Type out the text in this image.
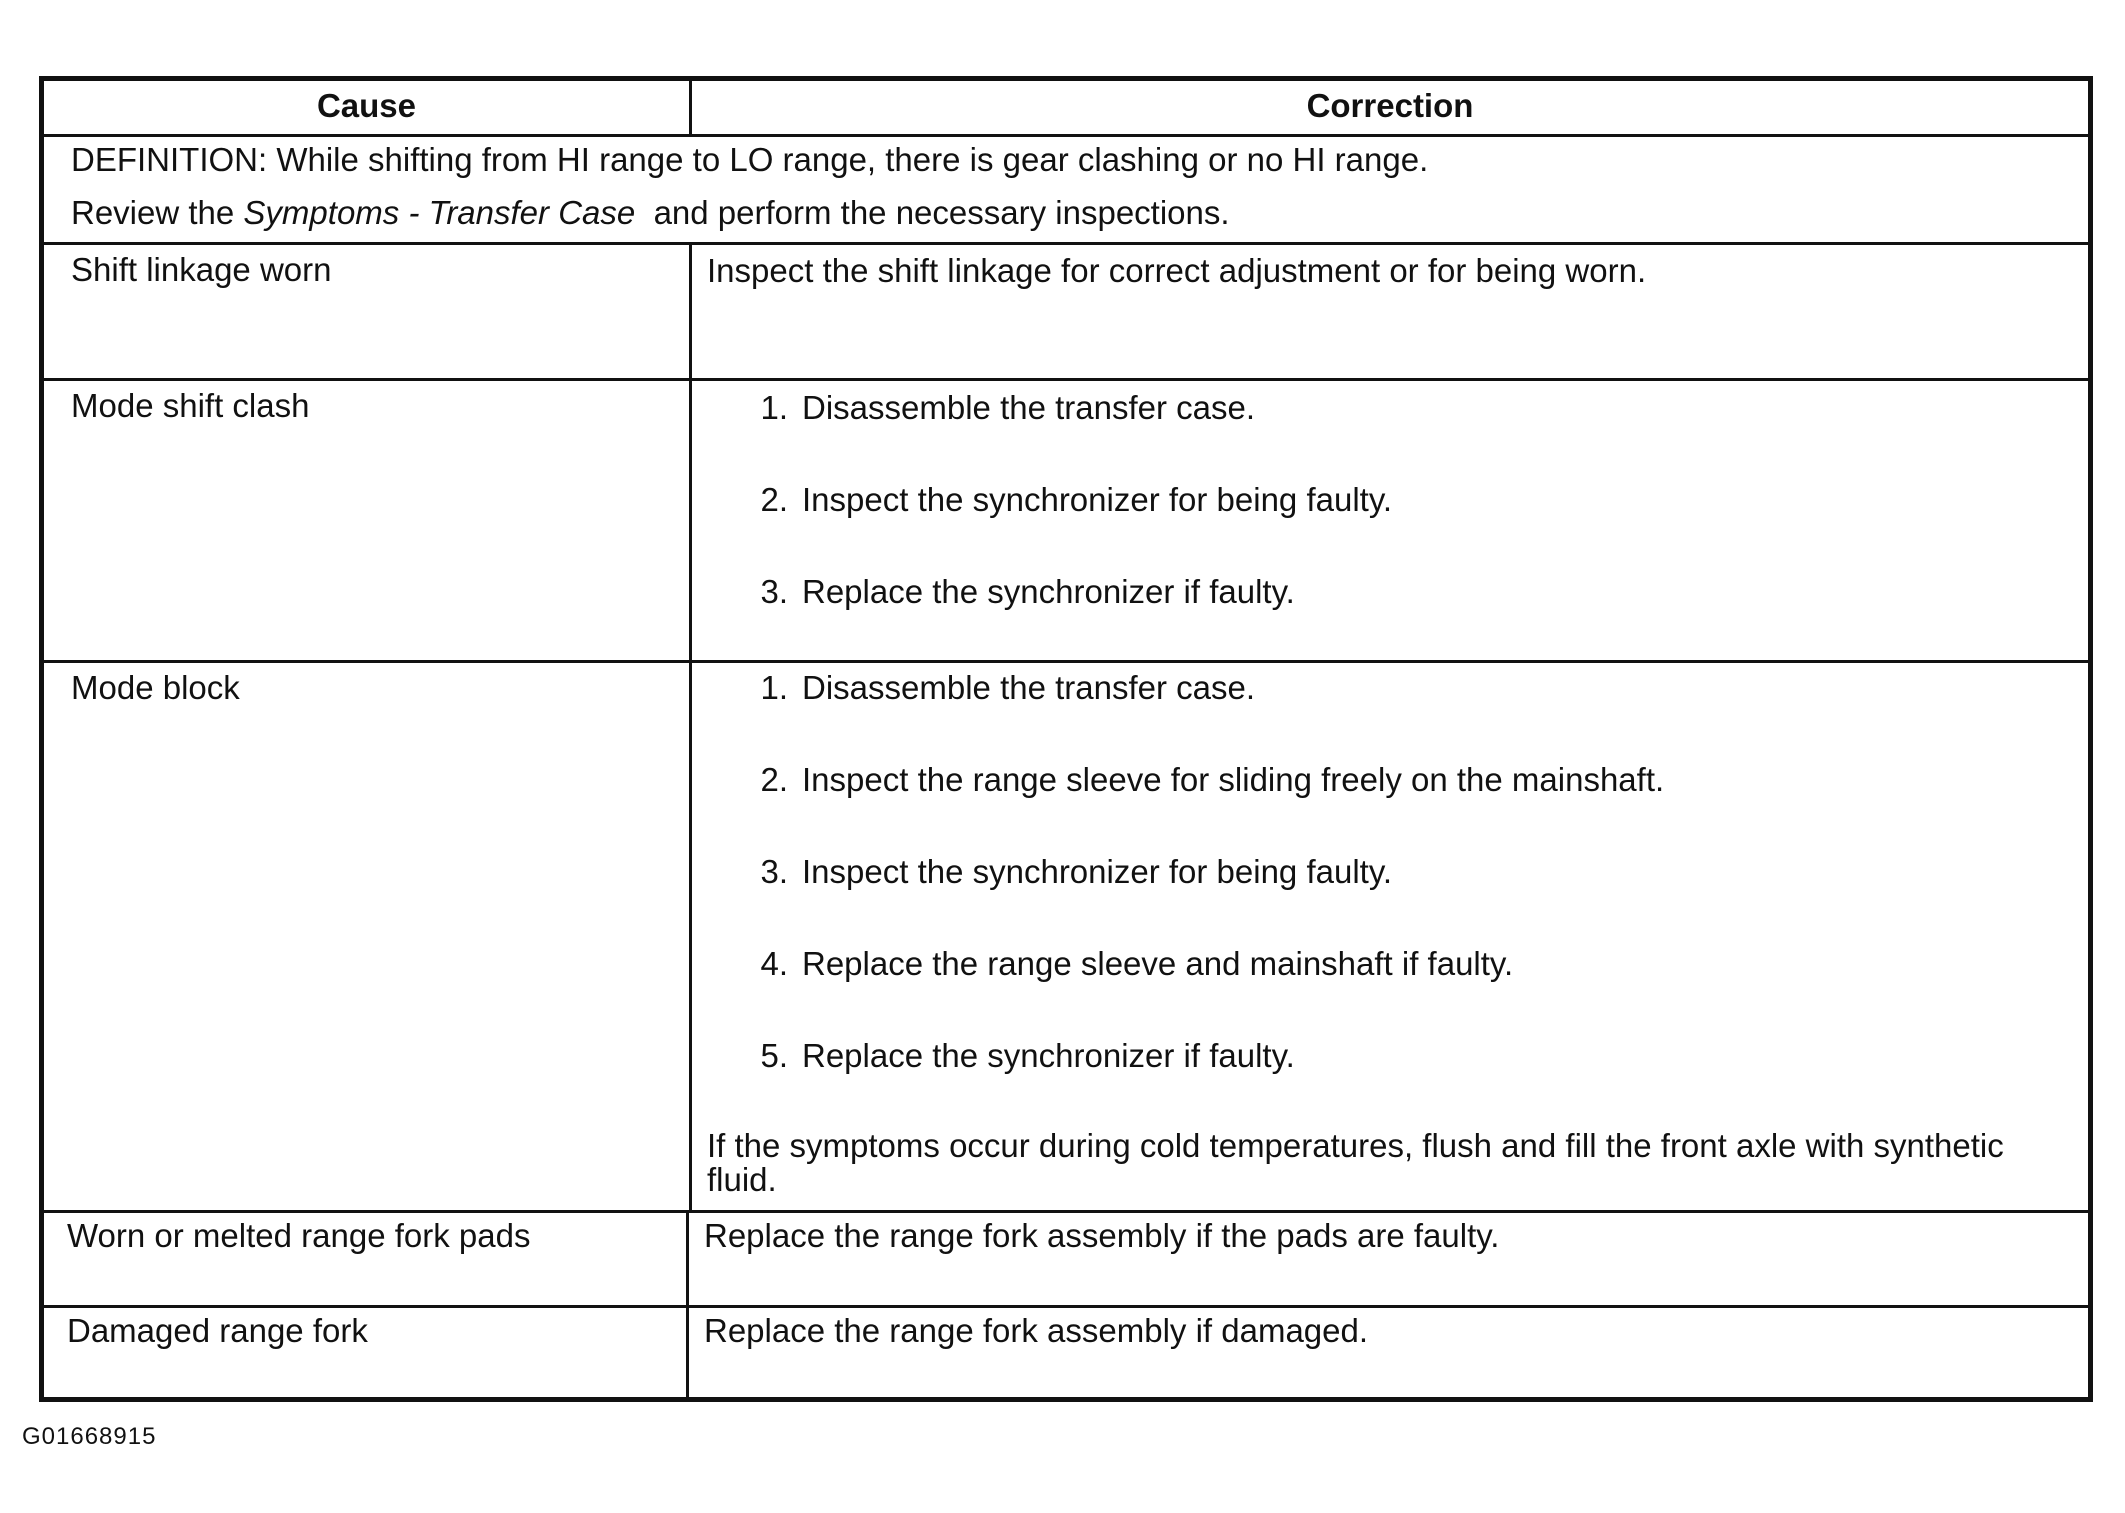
Cause	Correction
DEFINITION: While shifting from HI range to LO range, there is gear clashing or no HI range.
Review the Symptoms - Transfer Case  and perform the necessary inspections.
Shift linkage worn	Inspect the shift linkage for correct adjustment or for being worn.
Mode shift clash	1. Disassemble the transfer case.
2. Inspect the synchronizer for being faulty.
3. Replace the synchronizer if faulty.
Mode block	1. Disassemble the transfer case.
2. Inspect the range sleeve for sliding freely on the mainshaft.
3. Inspect the synchronizer for being faulty.
4. Replace the range sleeve and mainshaft if faulty.
5. Replace the synchronizer if faulty.
If the symptoms occur during cold temperatures, flush and fill the front axle with synthetic fluid.
Worn or melted range fork pads	Replace the range fork assembly if the pads are faulty.
Damaged range fork	Replace the range fork assembly if damaged.
G01668915
